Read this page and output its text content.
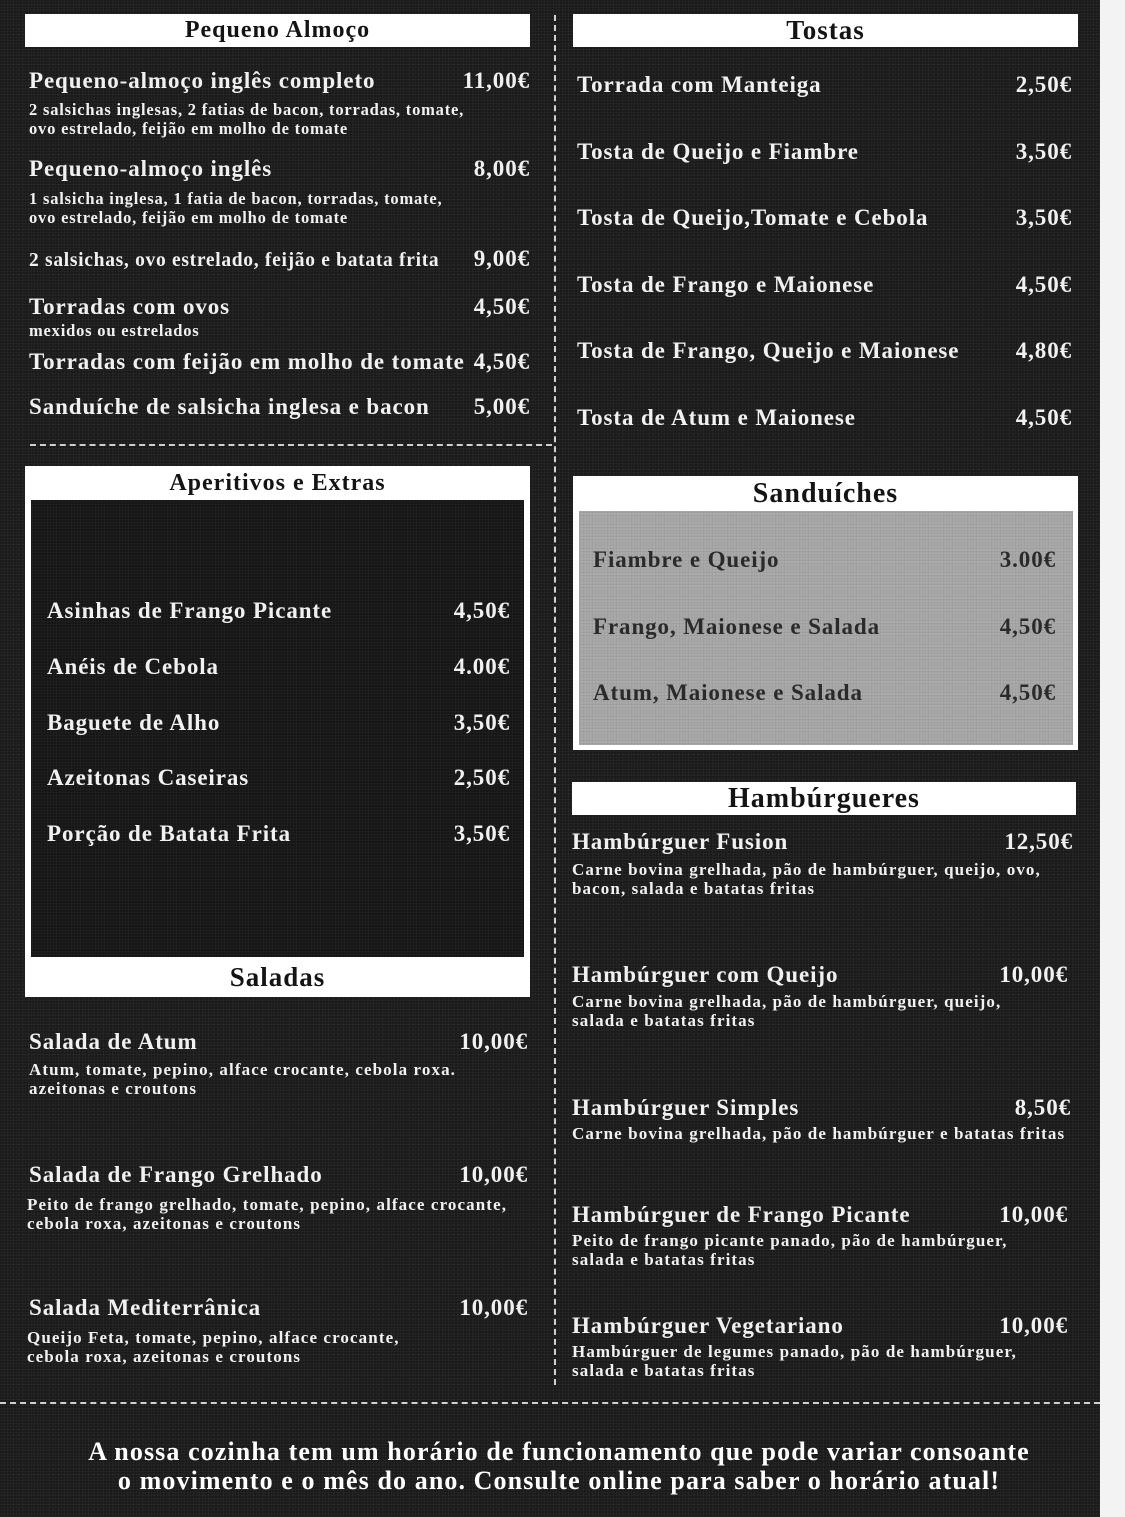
Pequeno Almoço
Pequeno-almoço inglês completo	11,00€
2 salsichas inglesas, 2 fatias de bacon, torradas, tomate,
ovo estrelado, feijão em molho de tomate
Pequeno-almoço inglês	8,00€
1 salsicha inglesa, 1 fatia de bacon, torradas, tomate,
ovo estrelado, feijão em molho de tomate
2 salsichas, ovo estrelado, feijão e batata frita 9,00€
Torradas com ovos	4,50€
mexidos ou estrelados
Torradas com feijão em molho de tomate 4,50€
Sanduíche de salsicha inglesa e bacon 5,00€
Aperitivos e Extras
Saladas
Asinhas de Frango Picante	4,50€
Anéis de Cebola	4.00€
Baguete de Alho	3,50€
Azeitonas Caseiras	2,50€
Porção de Batata Frita	3,50€
Salada de Atum	10,00€
Atum, tomate, pepino, alface crocante, cebola roxa.
azeitonas e croutons
Salada de Frango Grelhado	10,00€
Peito de frango grelhado, tomate, pepino, alface crocante,
cebola roxa, azeitonas e croutons
Salada Mediterrânica	10,00€
Queijo Feta, tomate, pepino, alface crocante,
cebola roxa, azeitonas e croutons
Tostas
Torrada com Manteiga	2,50€
Tosta de Queijo e Fiambre	3,50€
Tosta de Queijo,Tomate e Cebola	3,50€
Tosta de Frango e Maionese	4,50€
Tosta de Frango, Queijo e Maionese 4,80€
Tosta de Atum e Maionese	4,50€
Sanduíches
Fiambre e Queijo	3.00€
Frango, Maionese e Salada	4,50€
Atum, Maionese e Salada	4,50€
Hambúrgueres
Hambúrguer Fusion	12,50€
Carne bovina grelhada, pão de hambúrguer, queijo, ovo,
bacon, salada e batatas fritas
Hambúrguer com Queijo	10,00€
Carne bovina grelhada, pão de hambúrguer, queijo,
salada e batatas fritas
Hambúrguer Simples	8,50€
Carne bovina grelhada, pão de hambúrguer e batatas fritas
Hambúrguer de Frango Picante	10,00€
Peito de frango picante panado, pão de hambúrguer,
salada e batatas fritas
Hambúrguer Vegetariano	10,00€
Hambúrguer de legumes panado, pão de hambúrguer,
salada e batatas fritas
A nossa cozinha tem um horário de funcionamento que pode variar consoante
o movimento e o mês do ano. Consulte online para saber o horário atual!
